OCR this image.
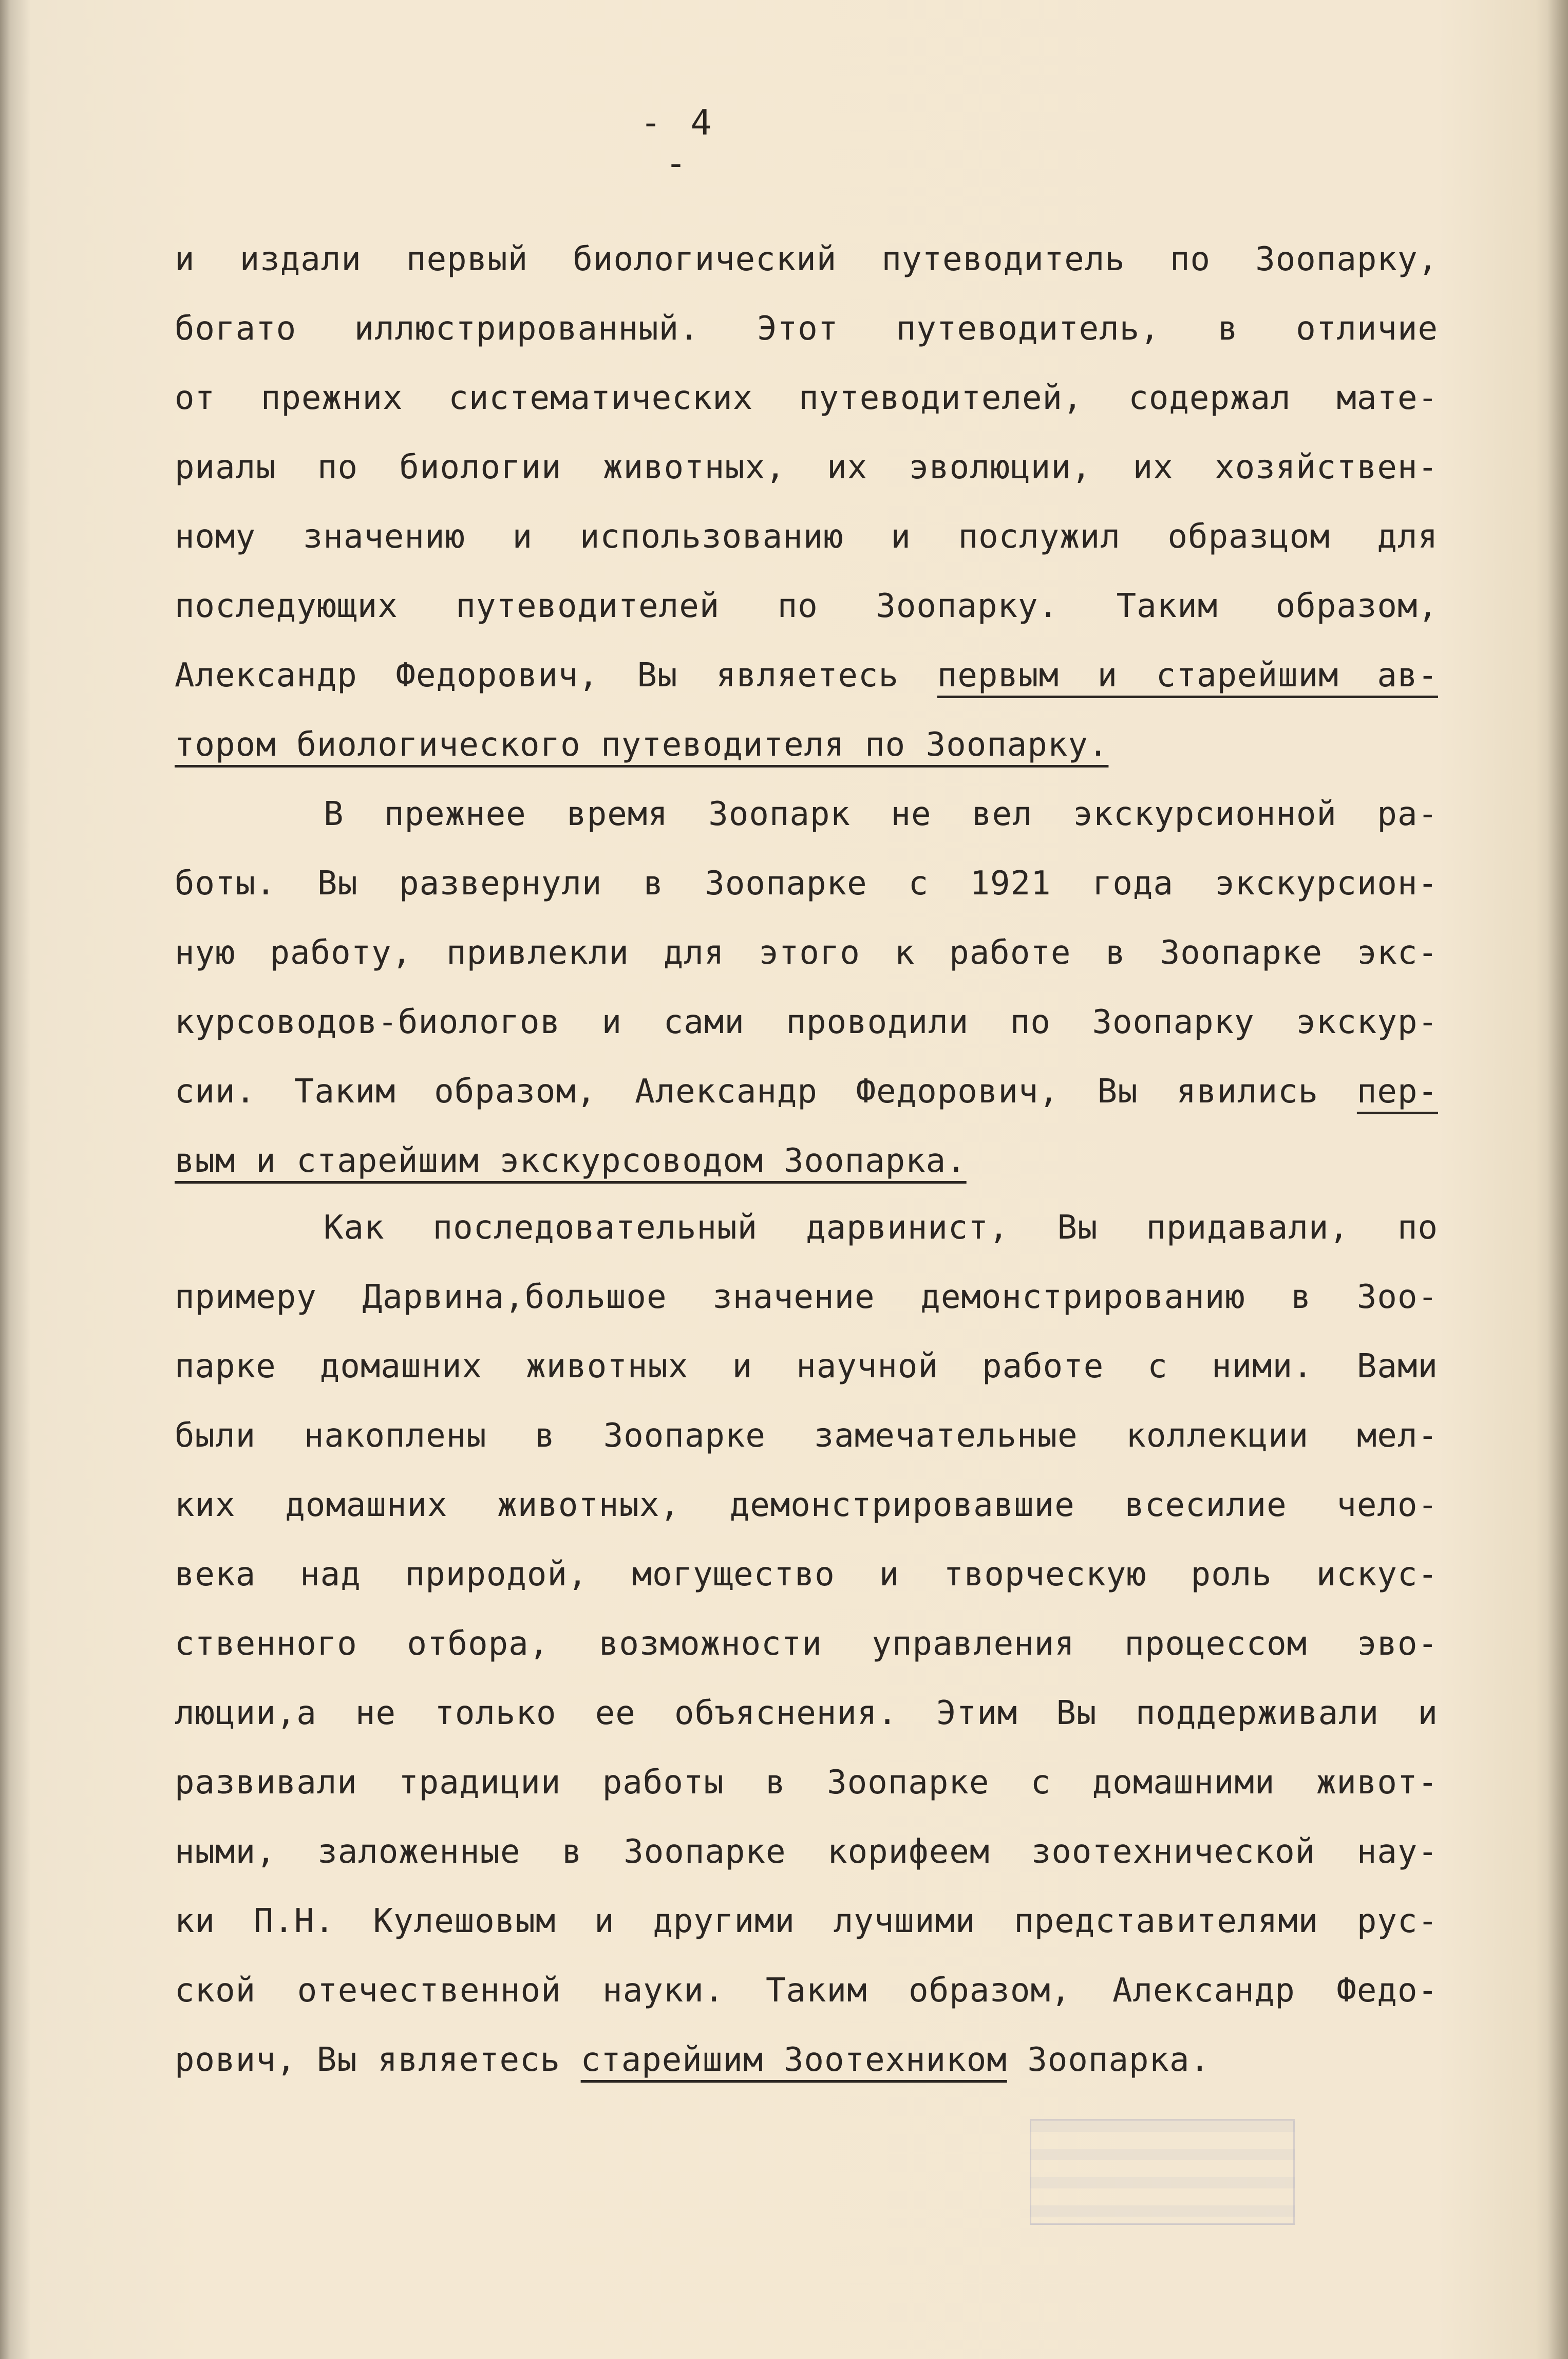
- 4 -

и издали первый биологический путеводитель по Зоопарку,

богато иллюстрированный. Этот путеводитель, в отличие

от прежних систематических путеводителей, содержал мате-

риалы по биологии животных, их эволюции, их хозяйствен-

ному значению и использованию и послужил образцом для

последующих путеводителей по Зоопарку. Таким образом,

Александр Федорович, Вы являетесь первым и старейшим ав-

тором биологического путеводителя по Зоопарку.

В прежнее время Зоопарк не вел экскурсионной ра-

боты. Вы развернули в Зоопарке с 1921 года экскурсион-

ную работу, привлекли для этого к работе в Зоопарке экс-

курсоводов-биологов и сами проводили по Зоопарку экскур-

сии. Таким образом, Александр Федорович, Вы явились пер-

вым и старейшим экскурсоводом Зоопарка.

Как последовательный дарвинист, Вы придавали, по

примеру Дарвина,большое значение демонстрированию в Зоо-

парке домашних животных и научной работе с ними. Вами

были накоплены в Зоопарке замечательные коллекции мел-

ких домашних животных, демонстрировавшие всесилие чело-

века над природой, могущество и творческую роль искус-

ственного отбора, возможности управления процессом эво-

люции,а не только ее объяснения. Этим Вы поддерживали и

развивали традиции работы в Зоопарке с домашними живот-

ными, заложенные в Зоопарке корифеем зоотехнической нау-

ки П.Н. Кулешовым и другими лучшими представителями рус-

ской отечественной науки. Таким образом, Александр Федо-

рович, Вы являетесь старейшим Зоотехником Зоопарка.
